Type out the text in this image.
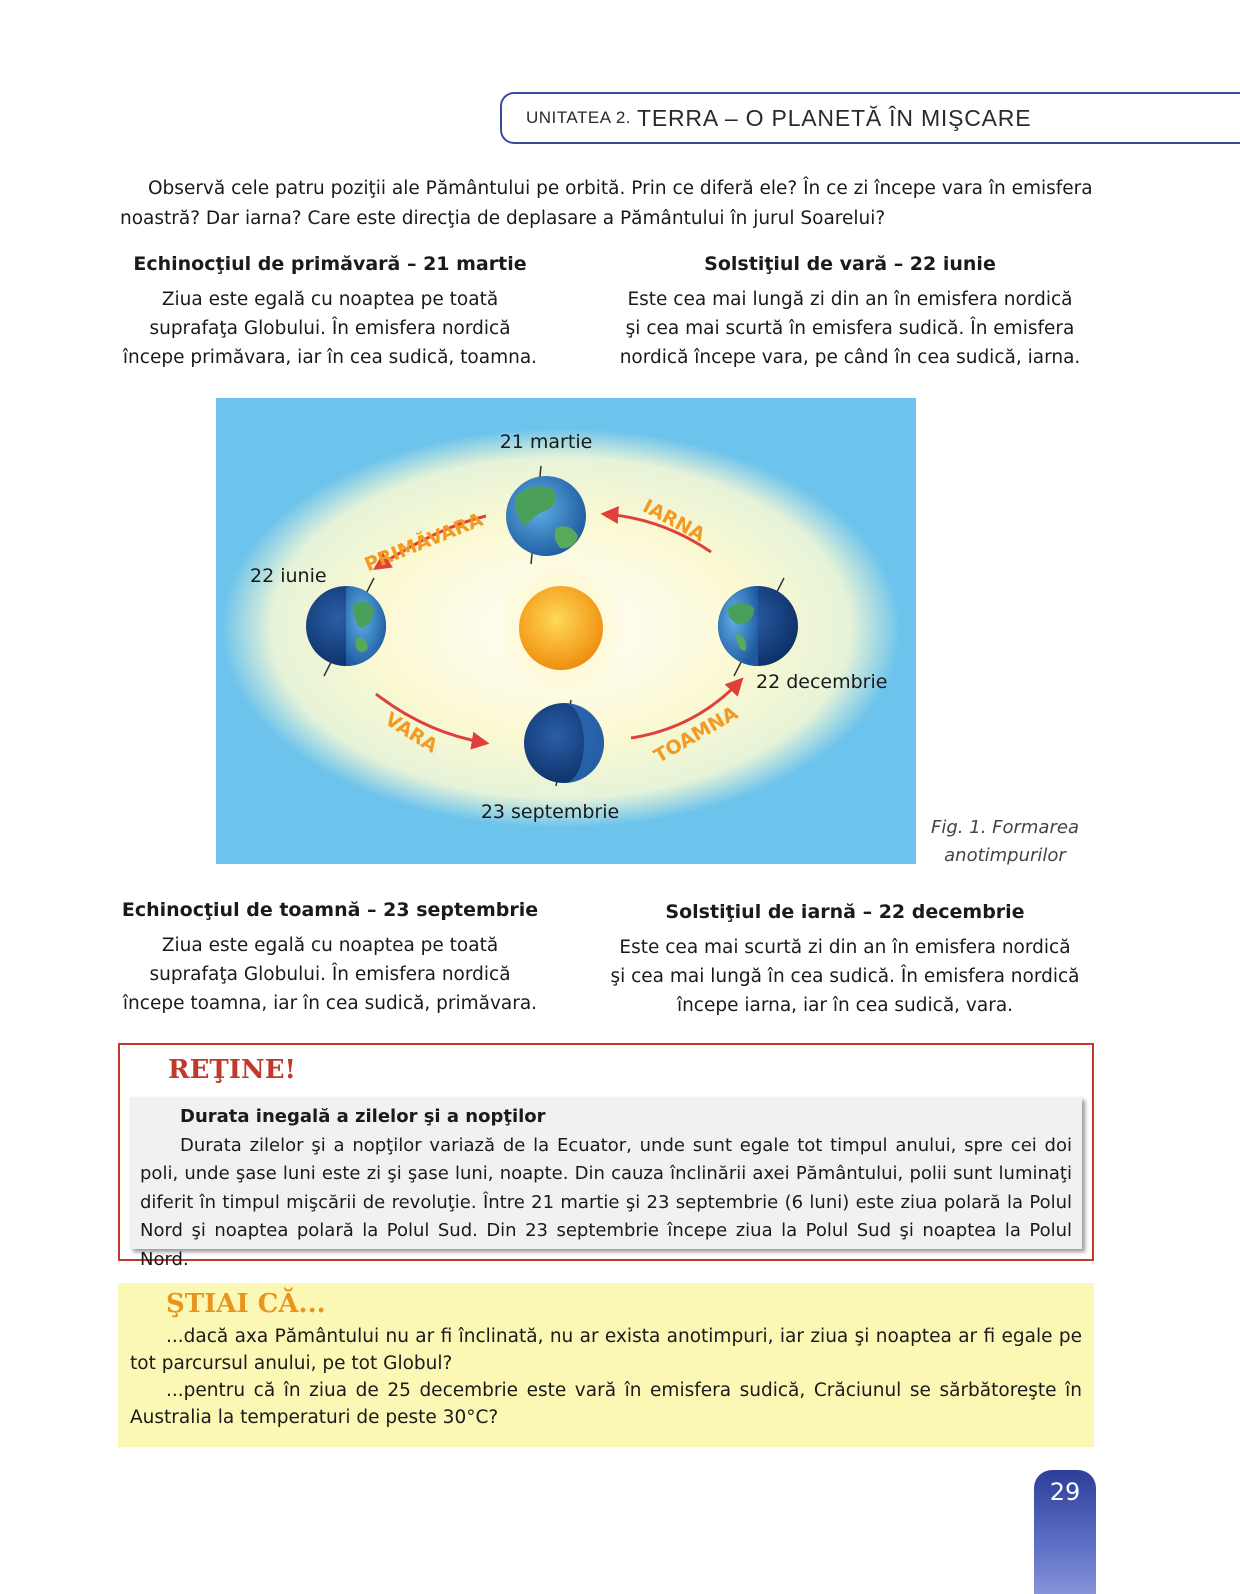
UNITATEA 2. TERRA – O PLANETĂ ÎN MIŞCARE

Observă cele patru poziţii ale Pământului pe orbită. Prin ce diferă ele? În ce zi începe vara în emisfera noastră? Dar iarna? Care este direcţia de deplasare a Pământului în jurul Soarelui?

Echinocţiul de primăvară – 21 martie
Ziua este egală cu noaptea pe toată
suprafaţa Globului. În emisfera nordică
începe primăvara, iar în cea sudică, toamna.
Solstiţiul de vară – 22 iunie
Este cea mai lungă zi din an în emisfera nordică
şi cea mai scurtă în emisfera sudică. În emisfera
nordică începe vara, pe când în cea sudică, iarna.
PRIMĂVARA	IARNA
VARA	TOAMNA
21 martie
22 iunie
22 decembrie
23 septembrie
Fig. 1. Formarea
anotimpurilor
Echinocţiul de toamnă – 23 septembrie
Ziua este egală cu noaptea pe toată
suprafaţa Globului. În emisfera nordică
începe toamna, iar în cea sudică, primăvara.
Solstiţiul de iarnă – 22 decembrie
Este cea mai scurtă zi din an în emisfera nordică
şi cea mai lungă în cea sudică. În emisfera nordică
începe iarna, iar în cea sudică, vara.
REŢINE!
Durata inegală a zilelor şi a nopţilor
Durata zilelor şi a nopţilor variază de la Ecuator, unde sunt egale tot timpul anului, spre cei doi poli, unde şase luni este zi şi şase luni, noapte. Din cauza înclinării axei Pământului, polii sunt luminaţi diferit în timpul mişcării de revoluţie. Între 21 martie şi 23 septembrie (6 luni) este ziua polară la Polul Nord şi noaptea polară la Polul Sud. Din 23 septembrie începe ziua la Polul Sud şi noaptea la Polul Nord.
ŞTIAI CĂ...

...dacă axa Pământului nu ar fi înclinată, nu ar exista anotimpuri, iar ziua şi noaptea ar fi egale pe tot parcursul anului, pe tot Globul?

...pentru că în ziua de 25 decembrie este vară în emisfera sudică, Crăciunul se sărbătoreşte în Australia la temperaturi de peste 30°C?

29
